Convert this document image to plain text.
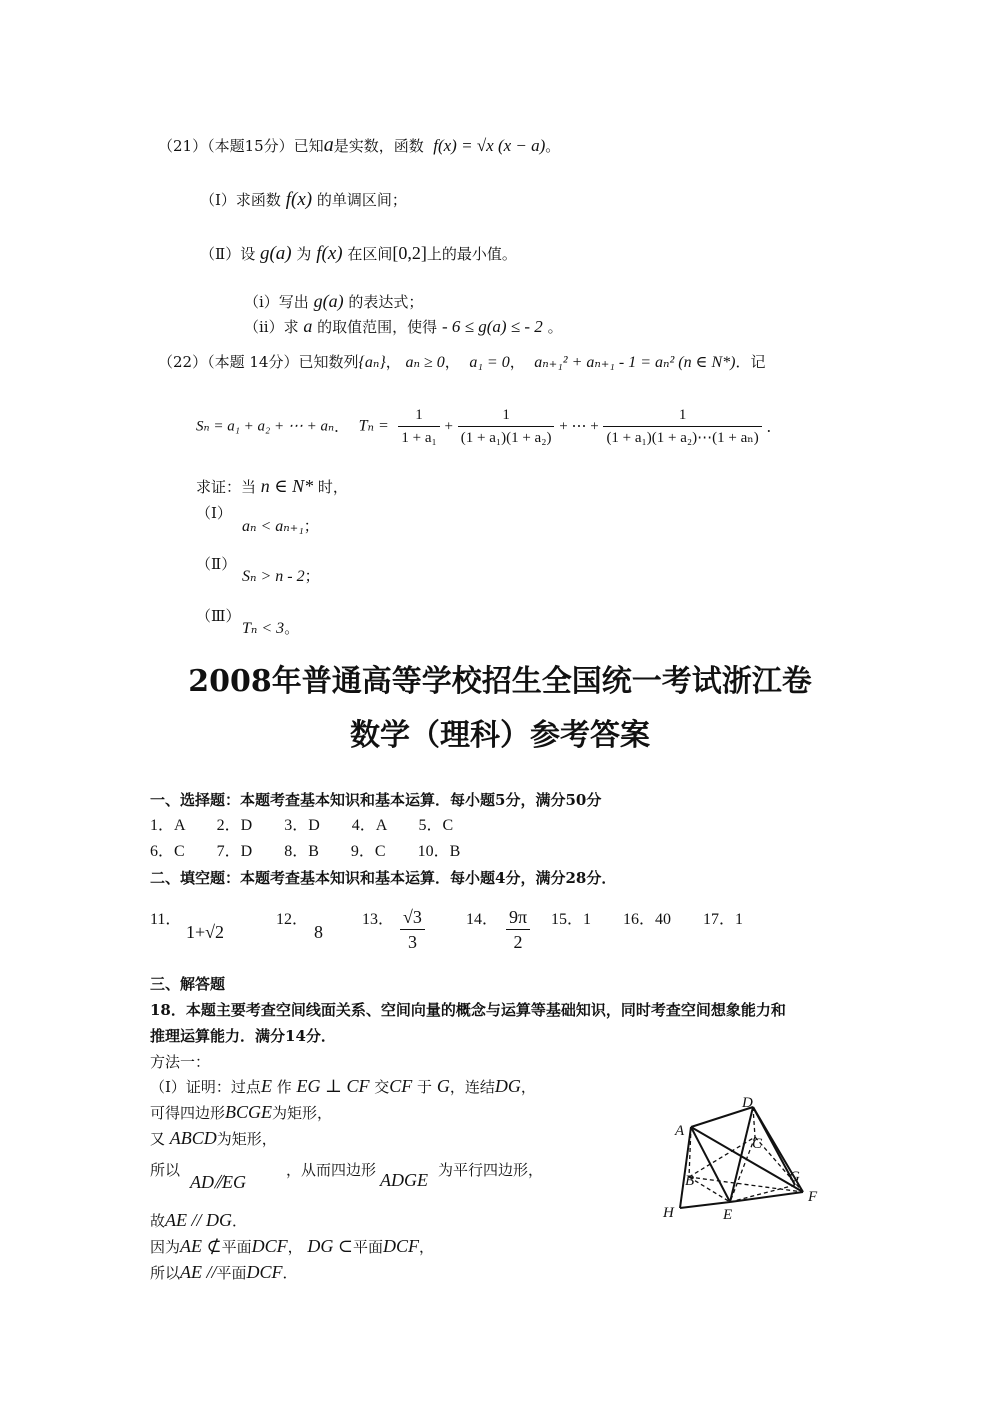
（21）（本题15分）已知a是实数，函数 f(x) = √x (x − a)。
（Ⅰ）求函数 f(x) 的单调区间；
（Ⅱ）设 g(a) 为 f(x) 在区间[0,2]上的最小值。
（i）写出 g(a) 的表达式；
（ii）求 a 的取值范围，使得 - 6 ≤ g(a) ≤ - 2 。
（22）（本题 14分）已知数列{aₙ}， aₙ ≥ 0， a₁ = 0， aₙ₊₁² + aₙ₊₁ - 1 = aₙ² (n ∈ N*)．记
Sₙ = a₁ + a₂ + ⋯ + aₙ． $T_n = \frac{1}{\text{1 + a₁}} + \frac{1}{\text{(1 + a₁)(1 + a₂)}}$ + ⋯ + $\frac{1}{\text{(1 + a₁)(1 + a₂)⋯(1 + aₙ)}}$ ．
求证：当 n ∈ N* 时，
（Ⅰ）
aₙ < aₙ₊₁；
（Ⅱ）
Sₙ > n - 2；
（Ⅲ）
Tₙ < 3。
2008年普通高等学校招生全国统一考试浙江卷
数学（理科）参考答案
一、选择题：本题考查基本知识和基本运算．每小题5分，满分50分
1．A　　2．D　　3．D　　4．A　　5．C
6．C　　7．D　　8．B　　9．C　　10．B
二、填空题：本题考查基本知识和基本运算．每小题4分，满分28分．
11．
1+√2
12．
8
13． $\frac{√3}{3}$	14． $\frac{9\pi}{2} 15$．1　　16．40　　17．1
三、解答题
18．本题主要考查空间线面关系、空间向量的概念与运算等基础知识，同时考查空间想象能力和
推理运算能力．满分14分．
方法一：
（Ⅰ）证明：过点E 作 EG ⊥ CF 交CF 于 G，连结DG，
可得四边形BCGE为矩形，
又 ABCD为矩形，
所以
AD⫽EG
，从而四边形 ADGE 为平行四边形，
故AE // DG．
因为AE ⊄平面DCF， DG ⊂平面DCF，
所以AE //平面DCF．
A
B
C
D
E
F
G
H
